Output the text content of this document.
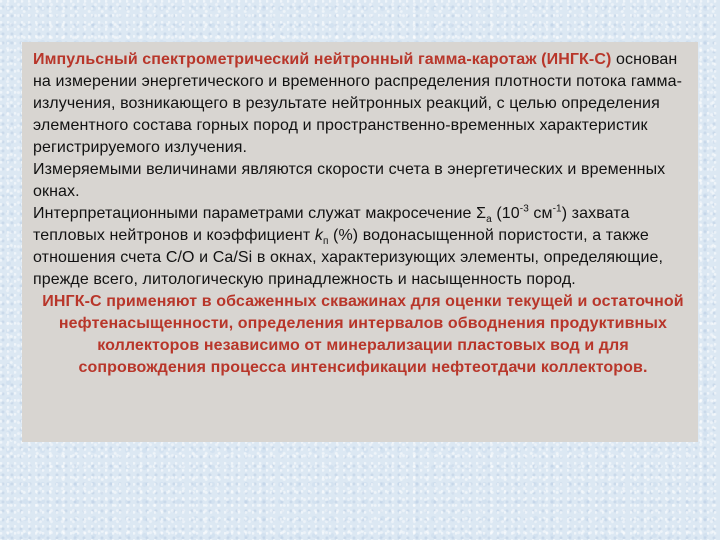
Импульсный спектрометрический нейтронный гамма-каротаж (ИНГК-С) основан на измерении энергетического и временного распределения плотности потока гамма-излучения, возникающего в результате нейтронных реакций, с целью определения элементного состава горных пород и пространственно-временных характеристик регистрируемого излучения.

Измеряемыми величинами являются скорости счета в энергетических и временных окнах.

Интерпретационными параметрами служат макросечение $\Sigma_а$ ($10^{-3}$ $см^{-1}$) захвата тепловых нейтронов и коэффициент $k_п$ (%) водонасыщенной пористости, а также отношения счета С/О и Ca/Si в окнах, характеризующих элементы, определяющие, прежде всего, литологическую принадлежность и насыщенность пород.

ИНГК-С применяют в обсаженных скважинах для оценки текущей и остаточной нефтенасыщенности, определения интервалов обводнения продуктивных коллекторов независимо от минерализации пластовых вод и для сопровождения процесса интенсификации нефтеотдачи коллекторов.
